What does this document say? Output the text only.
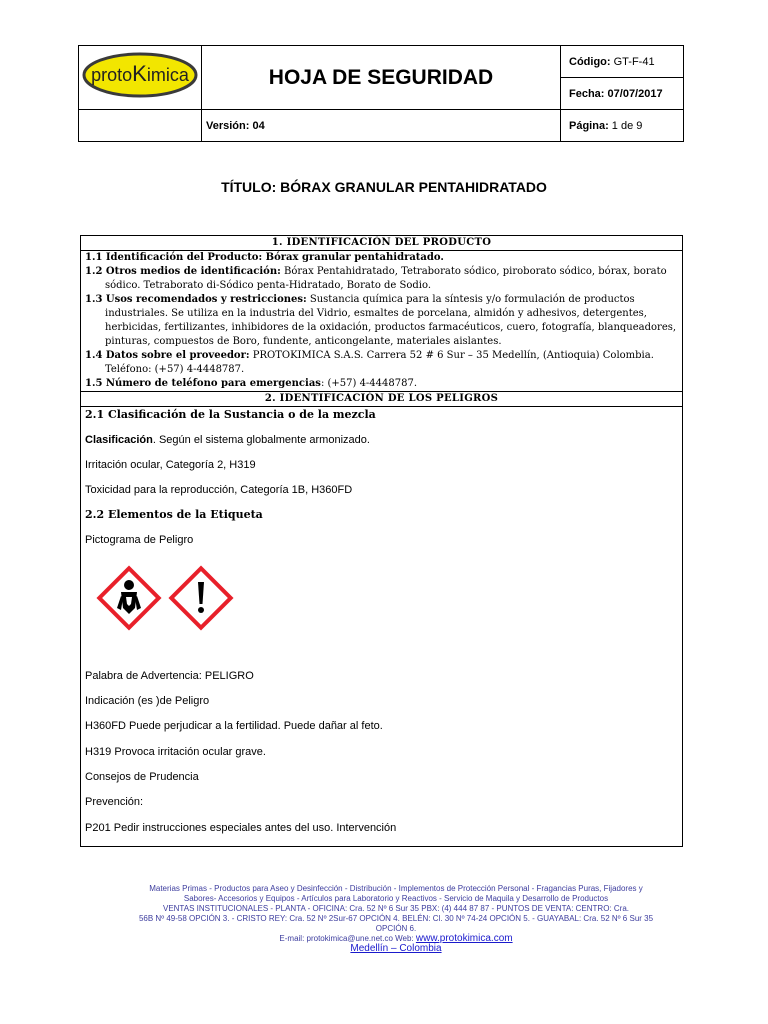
protoKimica	HOJA DE SEGURIDAD	Código: GT-F-41
		Fecha: 07/07/2017
	Versión: 04	Página: 1 de 9
TÍTULO: BÓRAX GRANULAR PENTAHIDRATADO
1. IDENTIFICACIÒN DEL PRODUCTO

1.1 Identificación del Producto: Bórax granular pentahidratado.

1.2 Otros medios de identificación: Bórax Pentahidratado, Tetraborato sódico, piroborato sódico, bórax, borato sódico. Tetraborato di-Sódico penta-Hidratado, Borato de Sodio.

1.3 Usos recomendados y restricciones: Sustancia química para la síntesis y/o formulación de productos industriales. Se utiliza en la industria del Vidrio, esmaltes de porcelana, almidón y adhesivos, detergentes, herbicidas, fertilizantes, inhibidores de la oxidación, productos farmacéuticos, cuero, fotografía, blanqueadores, pinturas, compuestos de Boro, fundente, anticongelante, materiales aislantes.

1.4 Datos sobre el proveedor: PROTOKIMICA S.A.S. Carrera 52 # 6 Sur – 35 Medellín, (Antioquia) Colombia. Teléfono: (+57) 4-4448787.

1.5 Número de teléfono para emergencias: (+57) 4-4448787.

2. IDENTIFICACIÓN DE LOS PELIGROS

2.1 Clasificación de la Sustancia o de la mezcla

Clasificación. Según el sistema globalmente armonizado.

Irritación ocular, Categoría 2, H319

Toxicidad para la reproducción, Categoría 1B, H360FD

2.2 Elementos de la Etiqueta

Pictograma de Peligro

Palabra de Advertencia: PELIGRO

Indicación (es )de Peligro

H360FD Puede perjudicar a la fertilidad. Puede dañar al feto.

H319 Provoca irritación ocular grave.

Consejos de Prudencia

Prevención:

P201 Pedir instrucciones especiales antes del uso. Intervención

Materias Primas - Productos para Aseo y Desinfección - Distribución - Implementos de Protección Personal - Fragancias Puras, Fijadores y
Sabores- Accesorios y Equipos - Artículos para Laboratorio y Reactivos - Servicio de Maquila y Desarrollo de Productos
VENTAS INSTITUCIONALES - PLANTA - OFICINA: Cra. 52 Nº 6 Sur 35 PBX: (4) 444 87 87 - PUNTOS DE VENTA: CENTRO: Cra.
56B Nº 49-58 OPCIÓN 3. - CRISTO REY: Cra. 52 Nº 2Sur-67 OPCIÓN 4. BELÉN: Cl. 30 Nº 74-24 OPCIÓN 5. - GUAYABAL: Cra. 52 Nº 6 Sur 35
OPCIÓN 6.
E-mail: protokimica@une.net.co Web: www.protokimica.com
Medellín – Colombia
